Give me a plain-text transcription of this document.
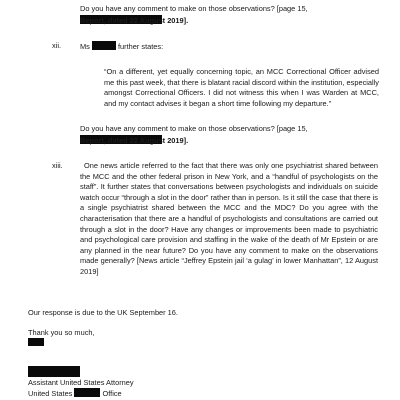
Do you have any comment to make on those observations? [page 15,
Report, dated 22 August 2019].
xii.	Ms	further states:
“On a different, yet equally concerning topic, an MCC Correctional Officer advised me this past week, that there is blatant racial discord within the institution, especially amongst Correctional Officers. I did not witness this when I was Warden at MCC, and my contact advises it began a short time following my departure.”
Do you have any comment to make on those observations? [page 15,
Report, dated 22 August 2019].
xiii.	One news article referred to the fact that there was only one psychiatrist shared between the MCC and the other federal prison in New York, and a “handful of psychologists on the staff”. It further states that conversations between psychologists and individuals on suicide watch occur “through a slot in the door” rather than in person. Is it still the case that there is a single psychiatrist shared between the MCC and the MDC? Do you agree with the characterisation that there are a handful of psychologists and consultations are carried out through a slot in the door? Have any changes or improvements been made to psychiatric and psychological care provision and staffing in the wake of the death of Mr Epstein or are any planned in the near future? Do you have any comment to make on the observations made generally? [News article “Jeffrey Epstein jail ‘a gulag’ in lower Manhattan”, 12 August 2019]
Our response is due to the UK September 16.
Thank you so much,
Assistant United States Attorney
United States	Office
